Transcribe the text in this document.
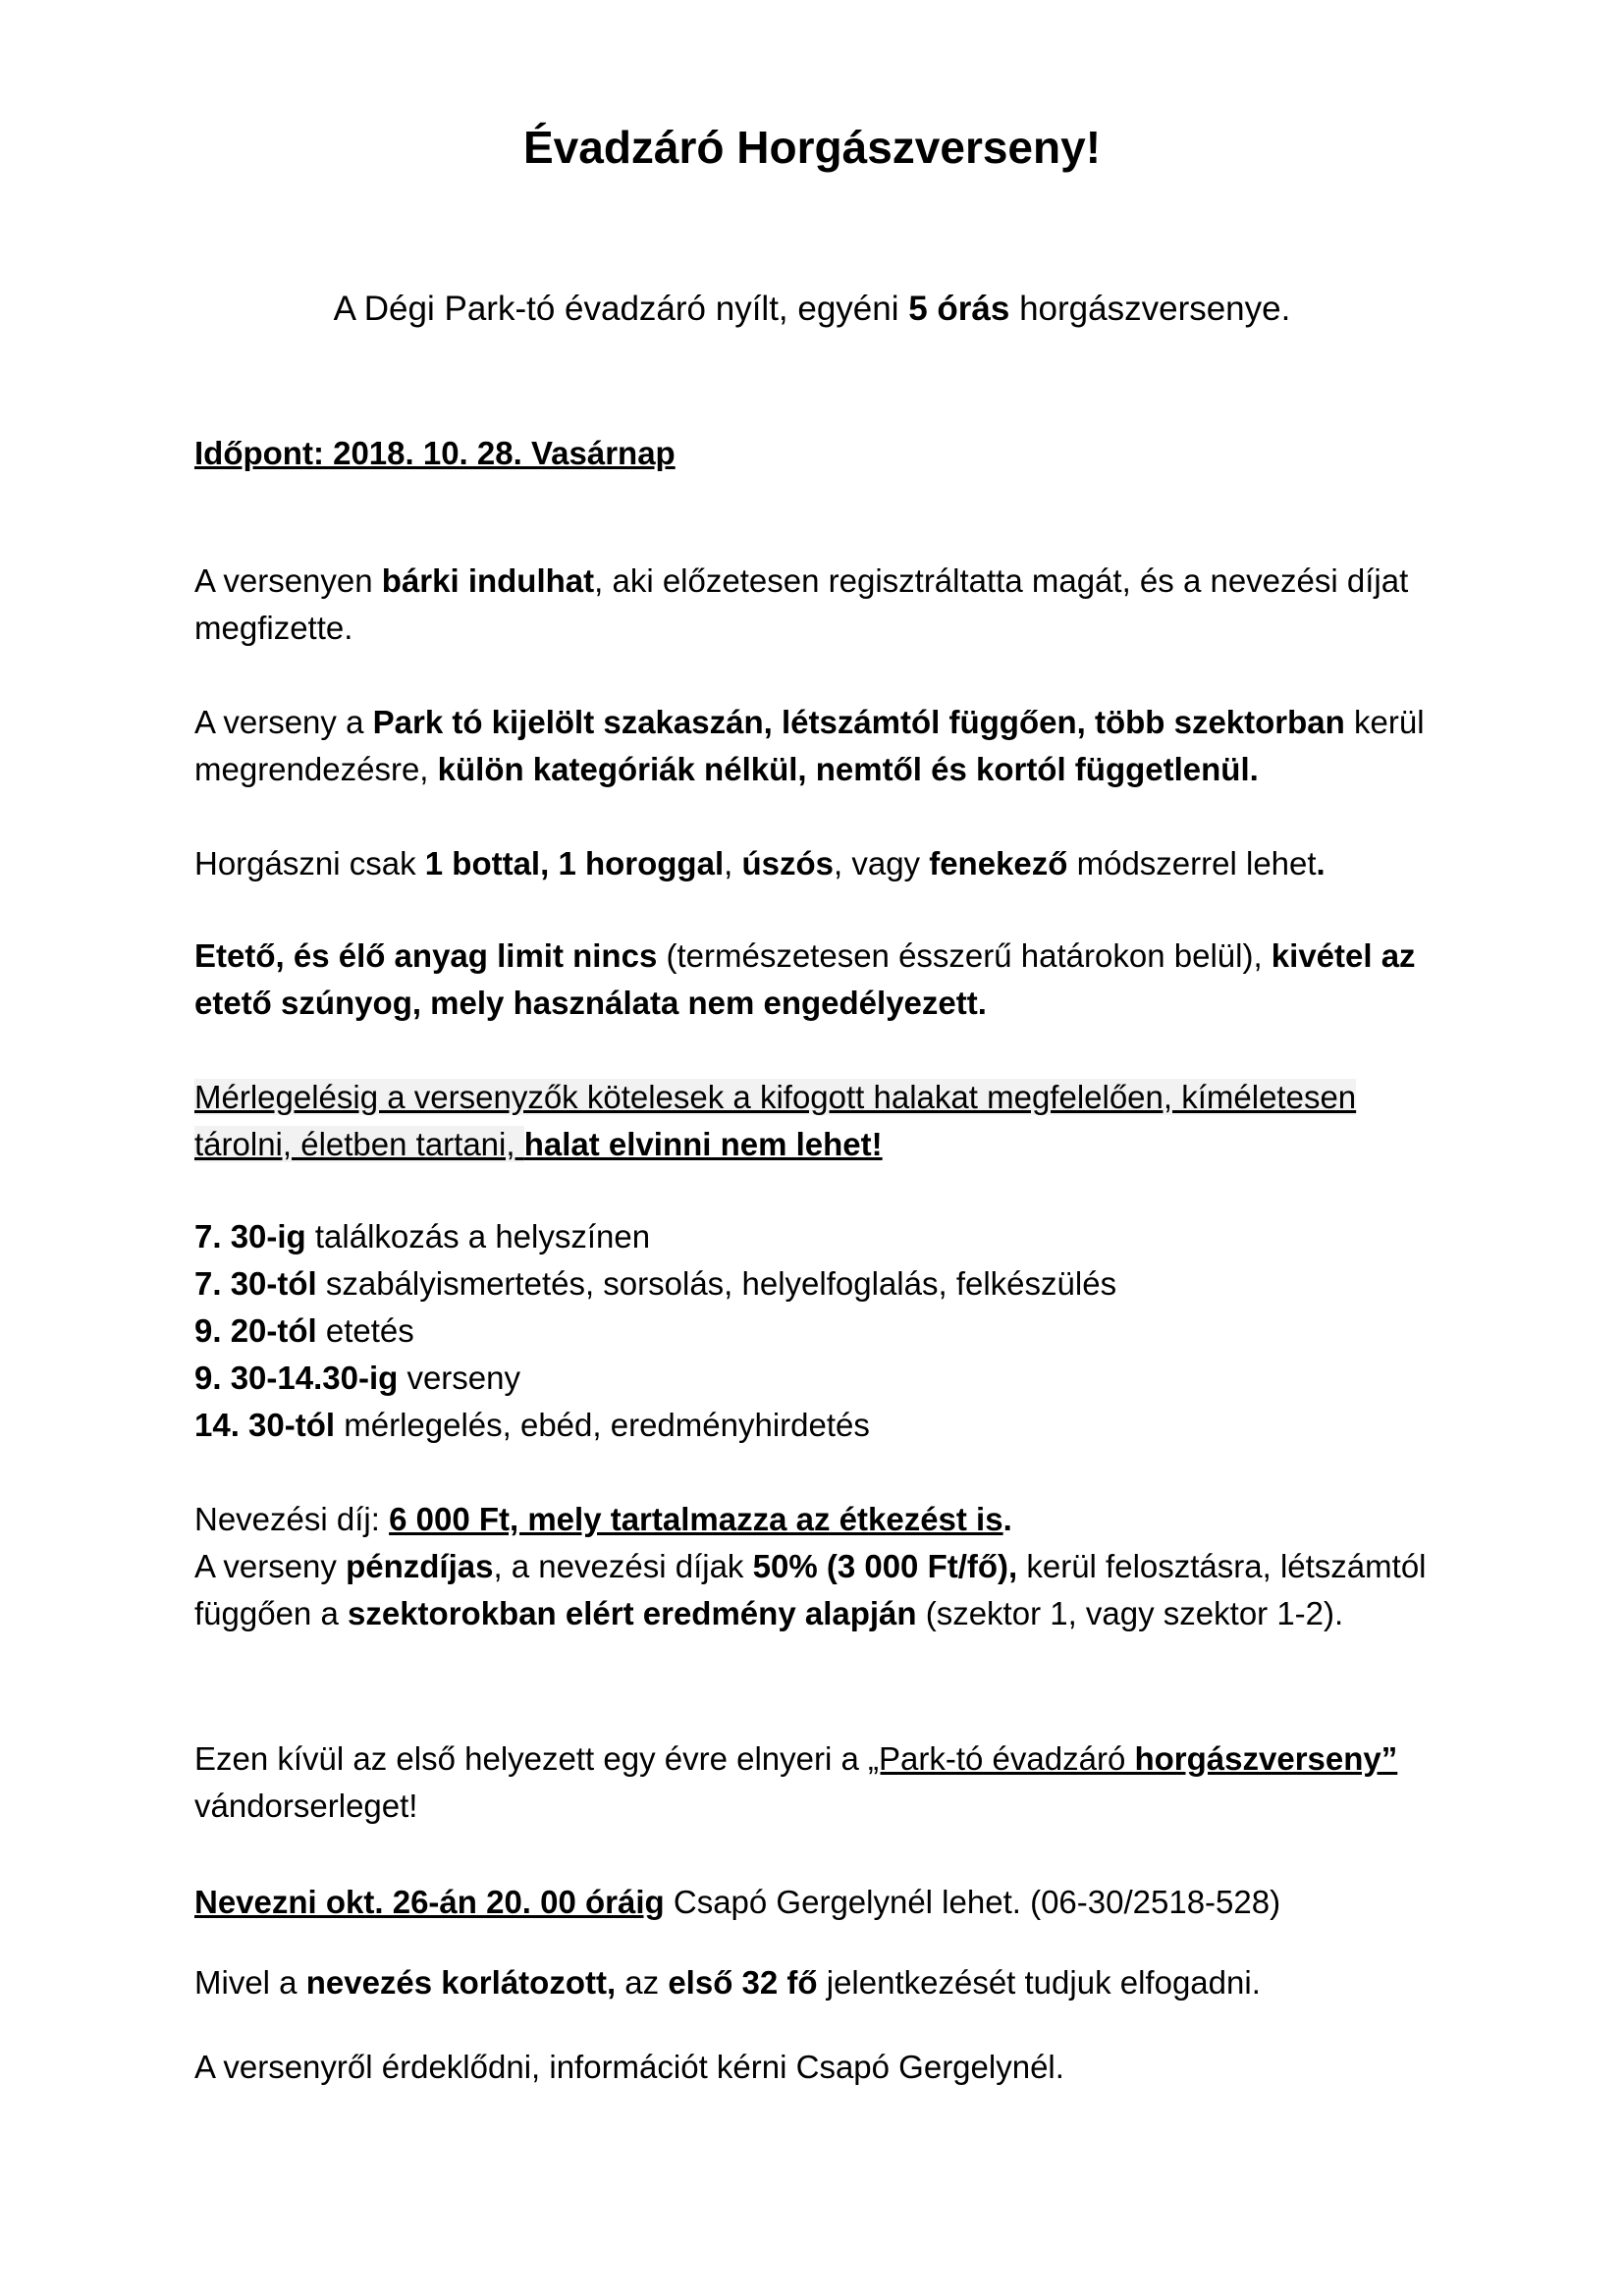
Évadzáró Horgászverseny!
A Dégi Park-tó évadzáró nyílt, egyéni 5 órás horgászversenye.
Időpont: 2018. 10. 28. Vasárnap
A versenyen bárki indulhat, aki előzetesen regisztráltatta magát, és a nevezési díjat megfizette.
A verseny a Park tó kijelölt szakaszán, létszámtól függően, több szektorban kerül megrendezésre, külön kategóriák nélkül, nemtől és kortól függetlenül.
Horgászni csak 1 bottal, 1 horoggal, úszós, vagy fenekező módszerrel lehet.
Etető, és élő anyag limit nincs (természetesen ésszerű határokon belül), kivétel az etető szúnyog, mely használata nem engedélyezett.
Mérlegelésig a versenyzők kötelesek a kifogott halakat megfelelően, kíméletesen tárolni, életben tartani, halat elvinni nem lehet!
7. 30-ig találkozás a helyszínen
7. 30-tól szabályismertetés, sorsolás, helyelfoglalás, felkészülés
9. 20-tól etetés
9. 30-14.30-ig verseny
14. 30-tól mérlegelés, ebéd, eredményhirdetés
Nevezési díj: 6 000 Ft, mely tartalmazza az étkezést is.
A verseny pénzdíjas, a nevezési díjak 50% (3 000 Ft/fő), kerül felosztásra, létszámtól függően a szektorokban elért eredmény alapján (szektor 1, vagy szektor 1-2).
Ezen kívül az első helyezett egy évre elnyeri a „Park-tó évadzáró horgászverseny” vándorserleget!
Nevezni okt. 26-án 20. 00 óráig Csapó Gergelynél lehet. (06-30/2518-528)
Mivel a nevezés korlátozott, az első 32 fő jelentkezését tudjuk elfogadni.
A versenyről érdeklődni, információt kérni Csapó Gergelynél.
